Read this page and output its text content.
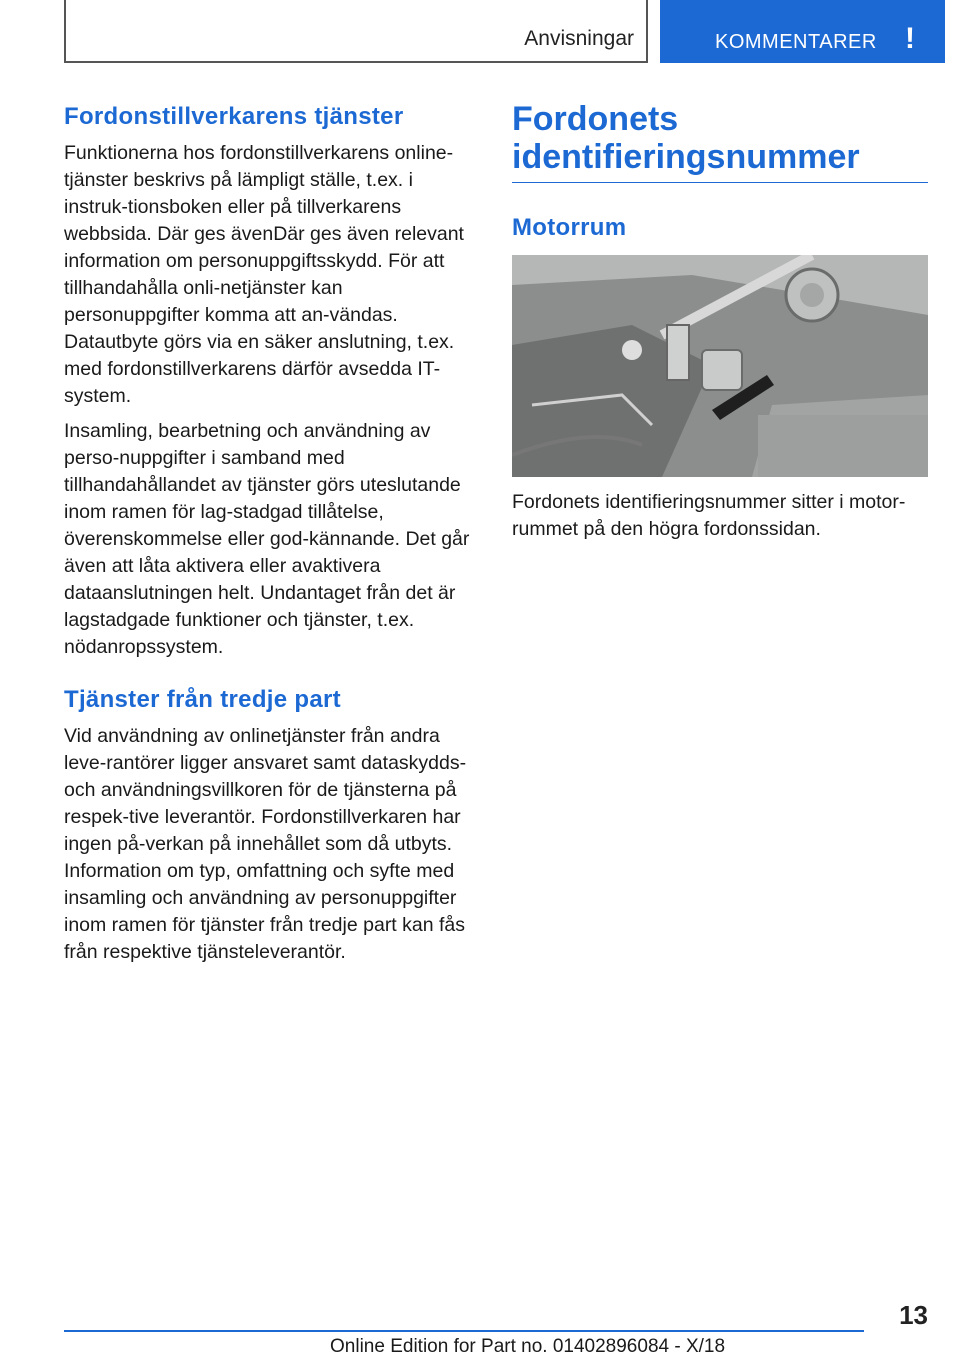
Anvisningar	KOMMENTARER !
Fordonstillverkarens tjänster

Funktionerna hos fordonstillverkarens online-tjänster beskrivs på lämpligt ställe, t.ex. i instruk-tionsboken eller på tillverkarens webbsida. Där ges ävenDär ges även relevant information om personuppgiftsskydd. För att tillhandahålla onli-netjänster kan personuppgifter komma att an-vändas. Datautbyte görs via en säker anslutning, t.ex. med fordonstillverkarens därför avsedda IT-system.

Insamling, bearbetning och användning av perso-nuppgifter i samband med tillhandahållandet av tjänster görs uteslutande inom ramen för lag-stadgad tillåtelse, överenskommelse eller god-kännande. Det går även att låta aktivera eller avaktivera dataanslutningen helt. Undantaget från det är lagstadgade funktioner och tjänster, t.ex. nödanropssystem.

Tjänster från tredje part

Vid användning av onlinetjänster från andra leve-rantörer ligger ansvaret samt dataskydds- och användningsvillkoren för de tjänsterna på respek-tive leverantör. Fordonstillverkaren har ingen på-verkan på innehållet som då utbyts. Information om typ, omfattning och syfte med insamling och användning av personuppgifter inom ramen för tjänster från tredje part kan fås från respektive tjänsteleverantör.

Fordonets identifieringsnummer
Motorrum

Fordonets identifieringsnummer sitter i motor-rummet på den högra fordonssidan.

13
Online Edition for Part no. 01402896084 - X/18
